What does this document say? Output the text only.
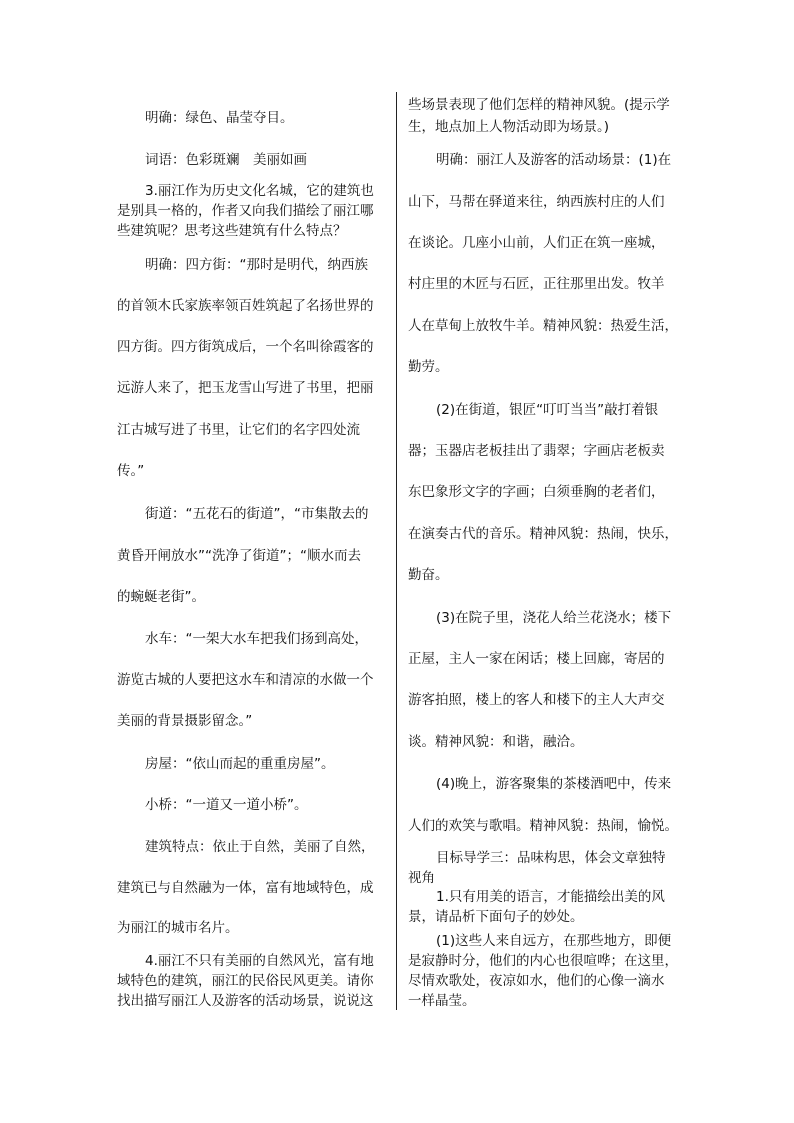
明确：绿色、晶莹夺目。
词语：色彩斑斓　美丽如画
3.丽江作为历史文化名城，它的建筑也
是别具一格的，作者又向我们描绘了丽江哪
些建筑呢？思考这些建筑有什么特点？
明确：四方街：“那时是明代，纳西族
的首领木氏家族率领百姓筑起了名扬世界的
四方街。四方街筑成后，一个名叫徐霞客的
远游人来了，把玉龙雪山写进了书里，把丽
江古城写进了书里，让它们的名字四处流
传。”
街道：“五花石的街道”，“市集散去的
黄昏开闸放水”“洗净了街道”；“顺水而去
的蜿蜒老街”。
水车：“一架大水车把我们扬到高处，
游览古城的人要把这水车和清凉的水做一个
美丽的背景摄影留念。”
房屋：“依山而起的重重房屋”。
小桥：“一道又一道小桥”。
建筑特点：依止于自然，美丽了自然，
建筑已与自然融为一体，富有地域特色，成
为丽江的城市名片。
4.丽江不只有美丽的自然风光，富有地
域特色的建筑，丽江的民俗民风更美。请你
找出描写丽江人及游客的活动场景，说说这
些场景表现了他们怎样的精神风貌。(提示学
生，地点加上人物活动即为场景。)
明确：丽江人及游客的活动场景：(1)在
山下，马帮在驿道来往，纳西族村庄的人们
在谈论。几座小山前，人们正在筑一座城，
村庄里的木匠与石匠，正往那里出发。牧羊
人在草甸上放牧牛羊。精神风貌：热爱生活，
勤劳。
(2)在街道，银匠“叮叮当当”敲打着银
器；玉器店老板挂出了翡翠；字画店老板卖
东巴象形文字的字画；白须垂胸的老者们，
在演奏古代的音乐。精神风貌：热闹，快乐，
勤奋。
(3)在院子里，浇花人给兰花浇水；楼下
正屋，主人一家在闲话；楼上回廊，寄居的
游客拍照，楼上的客人和楼下的主人大声交
谈。精神风貌：和谐，融洽。
(4)晚上，游客聚集的茶楼酒吧中，传来
人们的欢笑与歌唱。精神风貌：热闹，愉悦。
目标导学三：品味构思，体会文章独特
视角
1.只有用美的语言，才能描绘出美的风
景，请品析下面句子的妙处。
(1)这些人来自远方，在那些地方，即便
是寂静时分，他们的内心也很喧哗；在这里，
尽情欢歌处，夜凉如水，他们的心像一滴水
一样晶莹。
